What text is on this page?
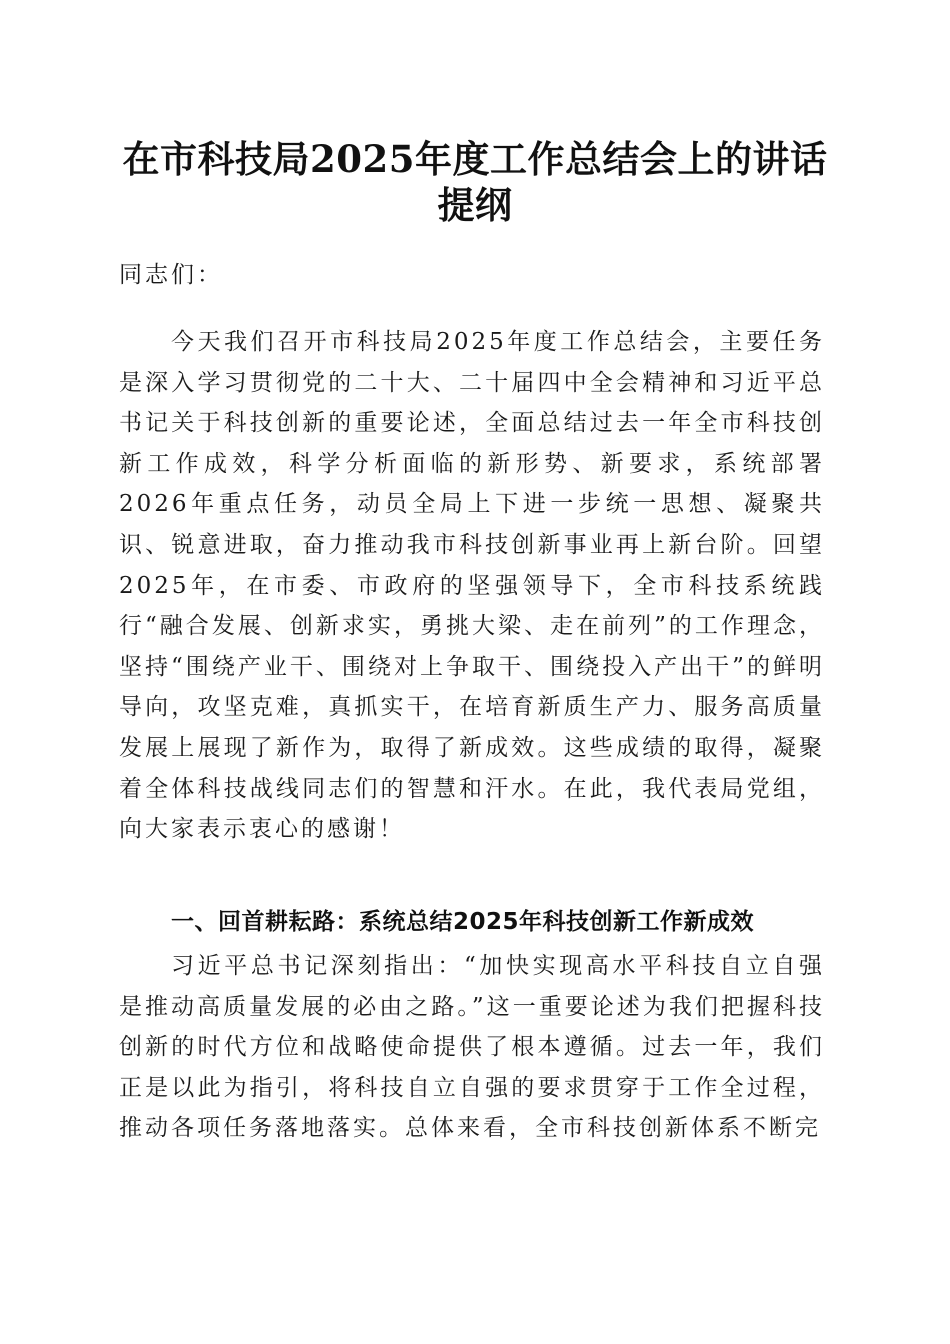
在市科技局2025年度工作总结会上的讲话提纲

同志们：

今天我们召开市科技局2025年度工作总结会，主要任务是深入学习贯彻党的二十大、二十届四中全会精神和习近平总书记关于科技创新的重要论述，全面总结过去一年全市科技创新工作成效，科学分析面临的新形势、新要求，系统部署2026年重点任务，动员全局上下进一步统一思想、凝聚共识、锐意进取，奋力推动我市科技创新事业再上新台阶。回望2025年，在市委、市政府的坚强领导下，全市科技系统践行“融合发展、创新求实，勇挑大梁、走在前列”的工作理念，坚持“围绕产业干、围绕对上争取干、围绕投入产出干”的鲜明导向，攻坚克难，真抓实干，在培育新质生产力、服务高质量发展上展现了新作为，取得了新成效。这些成绩的取得，凝聚着全体科技战线同志们的智慧和汗水。在此，我代表局党组，向大家表示衷心的感谢！

一、回首耕耘路：系统总结2025年科技创新工作新成效

习近平总书记深刻指出：“加快实现高水平科技自立自强是推动高质量发展的必由之路。”这一重要论述为我们把握科技创新的时代方位和战略使命提供了根本遵循。过去一年，我们正是以此为指引，将科技自立自强的要求贯穿于工作全过程，推动各项任务落地落实。总体来看，全市科技创新体系不断完
